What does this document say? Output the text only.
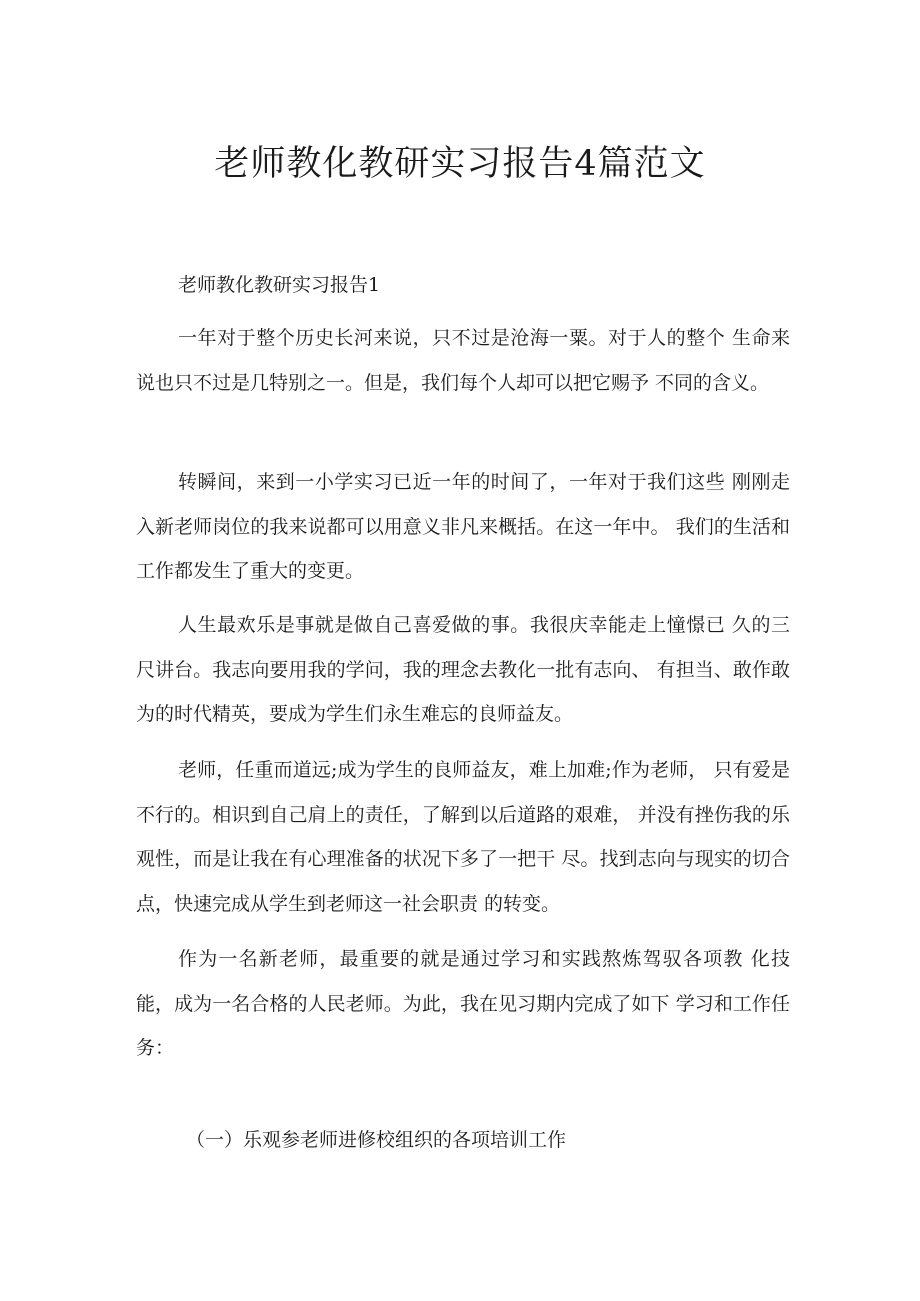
老师教化教研实习报告4篇范文

老师教化教研实习报告1

一年对于整个历史长河来说，只不过是沧海一粟。对于人的整个 生命来说也只不过是几特别之一。但是，我们每个人却可以把它赐予 不同的含义。

转瞬间，来到一小学实习已近一年的时间了，一年对于我们这些 刚刚走入新老师岗位的我来说都可以用意义非凡来概括。在这一年中。 我们的生活和工作都发生了重大的变更。

人生最欢乐是事就是做自己喜爱做的事。我很庆幸能走上憧憬已 久的三尺讲台。我志向要用我的学问，我的理念去教化一批有志向、 有担当、敢作敢为的时代精英，要成为学生们永生难忘的良师益友。

老师，任重而道远;成为学生的良师益友，难上加难;作为老师， 只有爱是不行的。相识到自己肩上的责任，了解到以后道路的艰难， 并没有挫伤我的乐观性，而是让我在有心理准备的状况下多了一把干 尽。找到志向与现实的切合点，快速完成从学生到老师这一社会职责 的转变。

作为一名新老师，最重要的就是通过学习和实践熬炼驾驭各项教 化技能，成为一名合格的人民老师。为此，我在见习期内完成了如下 学习和工作任务：

（一）乐观参老师进修校组织的各项培训工作
